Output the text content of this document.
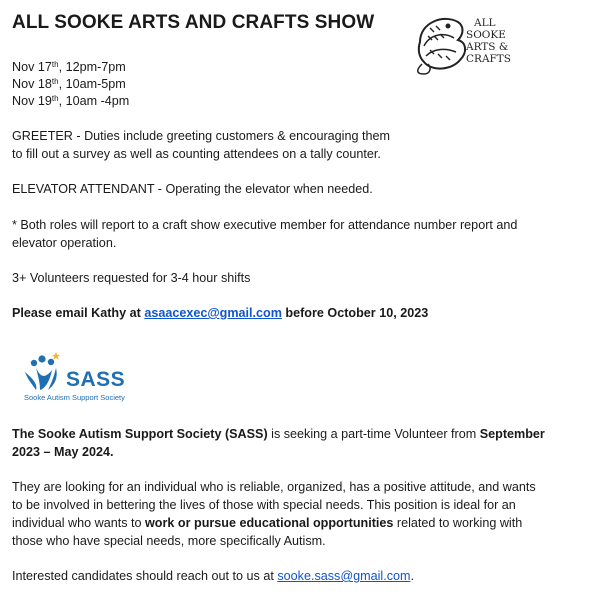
ALL SOOKE ARTS AND CRAFTS SHOW	ALL
SOOKE
ARTS &
CRAFTS
Nov 17th, 12pm-7pm
Nov 18th, 10am-5pm
Nov 19th, 10am -4pm
GREETER - Duties include greeting customers & encouraging them
to fill out a survey as well as counting attendees on a tally counter.
ELEVATOR ATTENDANT - Operating the elevator when needed.
* Both roles will report to a craft show executive member for attendance number report and
elevator operation.
3+ Volunteers requested for 3-4 hour shifts
Please email Kathy at asaacexec@gmail.com before October 10, 2023
SASS
Sooke Autism Support Society
The Sooke Autism Support Society (SASS) is seeking a part-time Volunteer from September
2023 – May 2024.
They are looking for an individual who is reliable, organized, has a positive attitude, and wants
to be involved in bettering the lives of those with special needs. This position is ideal for an
individual who wants to work or pursue educational opportunities related to working with
those who have special needs, more specifically Autism.
Interested candidates should reach out to us at sooke.sass@gmail.com.
